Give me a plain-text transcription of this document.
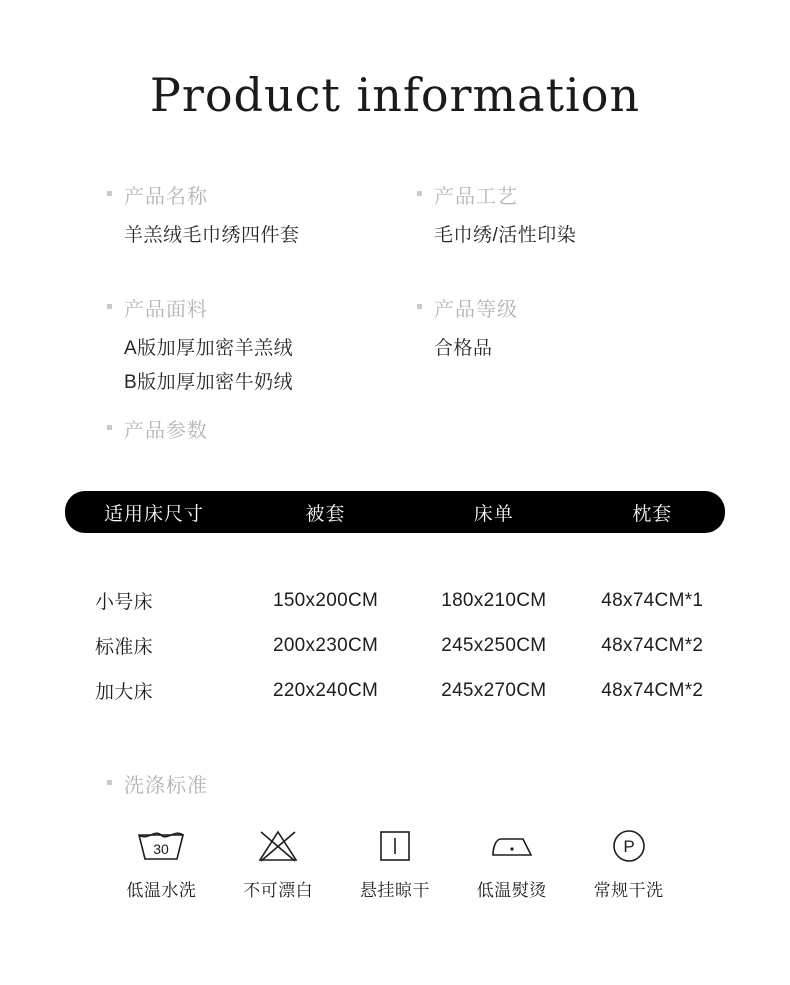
Product information
产品名称
羊羔绒毛巾绣四件套
产品工艺
毛巾绣/活性印染
产品面料
A版加厚加密羊羔绒
B版加厚加密牛奶绒
产品等级
合格品
产品参数
适用床尺寸	被套	床单	枕套

小号床	150x200CM	180x210CM	48x74CM*1
标准床	200x230CM	245x250CM	48x74CM*2
加大床	220x240CM	245x270CM	48x74CM*2
洗涤标准
30
低温水洗	不可漂白	悬挂晾干	低温熨烫
P
常规干洗
